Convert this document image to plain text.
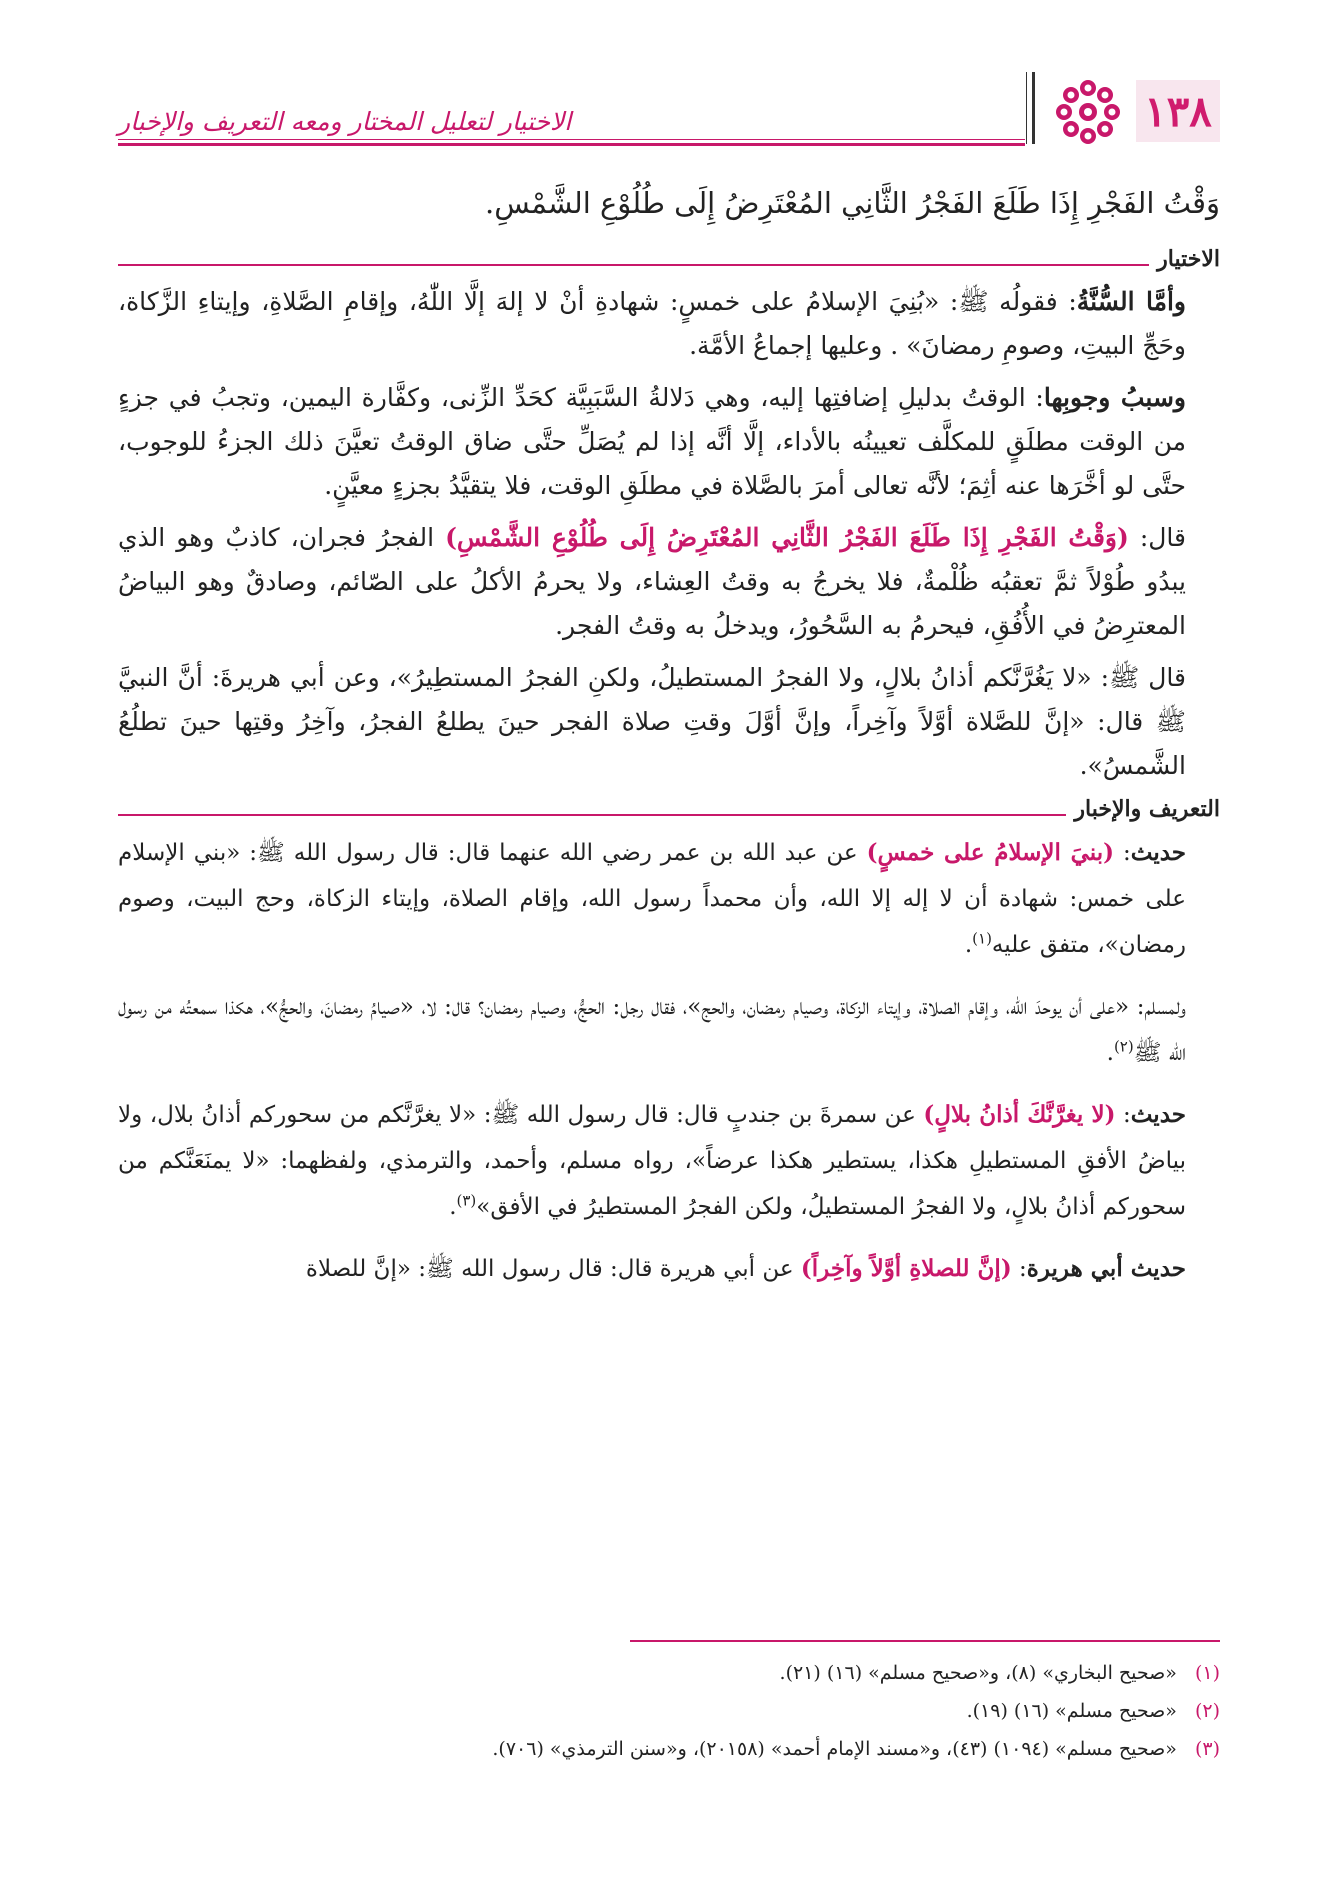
١٣٨
الاختيار لتعليل المختار ومعه التعريف والإخبار

وَقْتُ الفَجْرِ إِذَا طَلَعَ الفَجْرُ الثَّانِي المُعْتَرِضُ إِلَى طُلُوْعِ الشَّمْسِ.

الاختيار

وأمَّا السُّنَّةُ: فقولُه ﷺ: «بُنِيَ الإسلامُ على خمسٍ: شهادةِ أنْ لا إلهَ إلَّا اللّٰهُ، وإقامِ الصَّلاةِ، وإيتاءِ الزَّكاة، وحَجِّ البيتِ، وصومِ رمضانَ» . وعليها إجماعُ الأمَّة.

وسببُ وجوبِها: الوقتُ بدليلِ إضافتِها إليه، وهي دَلالةُ السَّبَبِيَّة كحَدِّ الزِّنى، وكفَّارة اليمين، وتجبُ في جزءٍ من الوقت مطلَقٍ للمكلَّف تعيينُه بالأداء، إلَّا أنَّه إذا لم يُصَلِّ حتَّى ضاق الوقتُ تعيَّنَ ذلك الجزءُ للوجوب، حتَّى لو أخَّرَها عنه أثِمَ؛ لأنَّه تعالى أمرَ بالصَّلاة في مطلَقِ الوقت، فلا يتقيَّدُ بجزءٍ معيَّنٍ.

قال: (وَقْتُ الفَجْرِ إِذَا طَلَعَ الفَجْرُ الثَّانِي المُعْتَرِضُ إِلَى طُلُوْعِ الشَّمْسِ) الفجرُ فجران، كاذبٌ وهو الذي يبدُو طُوْلاً ثمَّ تعقبُه ظُلْمةٌ، فلا يخرجُ به وقتُ العِشاء، ولا يحرمُ الأكلُ على الصّائم، وصادقٌ وهو البياضُ المعترِضُ في الأُفُقِ، فيحرمُ به السَّحُورُ، ويدخلُ به وقتُ الفجر.

قال ﷺ: «لا يَغُرَّنَّكم أذانُ بلالٍ، ولا الفجرُ المستطيلُ، ولكنِ الفجرُ المستطِيرُ»، وعن أبي هريرةَ: أنَّ النبيَّ ﷺ قال: «إنَّ للصَّلاة أوَّلاً وآخِراً، وإنَّ أوَّلَ وقتِ صلاة الفجر حينَ يطلعُ الفجرُ، وآخِرُ وقتِها حينَ تطلُعُ الشَّمسُ».

التعريف والإخبار

حديث: (بنيَ الإسلامُ على خمسٍ) عن عبد الله بن عمر رضي الله عنهما قال: قال رسول الله ﷺ: «بني الإسلام على خمس: شهادة أن لا إله إلا الله، وأن محمداً رسول الله، وإقام الصلاة، وإيتاء الزكاة، وحج البيت، وصوم رمضان»، متفق عليه$^{(١)}$.

ولمسلم: «على أن يوحدَ الله، وإقام الصلاة، وإيتاء الزكاة، وصيام رمضان، والحج»، فقال رجل: الحجُّ، وصيام رمضان؟ قال: لا، «صيامُ رمضانَ، والحجُّ»، هكذا سمعتُه من رسول الله ﷺ$^{(٢)}$.

حديث: (لا يغرَّنَّكَ أذانُ بلالٍ) عن سمرةَ بن جندبٍ قال: قال رسول الله ﷺ: «لا يغرَّنَّكم من سحوركم أذانُ بلال، ولا بياضُ الأفقِ المستطيلِ هكذا، يستطير هكذا عرضاً»، رواه مسلم، وأحمد، والترمذي، ولفظهما: «لا يمنَعَنَّكم من سحوركم أذانُ بلالٍ، ولا الفجرُ المستطيلُ، ولكن الفجرُ المستطيرُ في الأفق»$^{(٣)}$.

حديث أبي هريرة: (إنَّ للصلاةِ أوَّلاً وآخِراً) عن أبي هريرة قال: قال رسول الله ﷺ: «إنَّ للصلاة

(١)«صحيح البخاري» (٨)، و«صحيح مسلم» (١٦) (٢١).
(٢)«صحيح مسلم» (١٦) (١٩).
(٣)«صحيح مسلم» (١٠٩٤) (٤٣)، و«مسند الإمام أحمد» (٢٠١٥٨)، و«سنن الترمذي» (٧٠٦).
